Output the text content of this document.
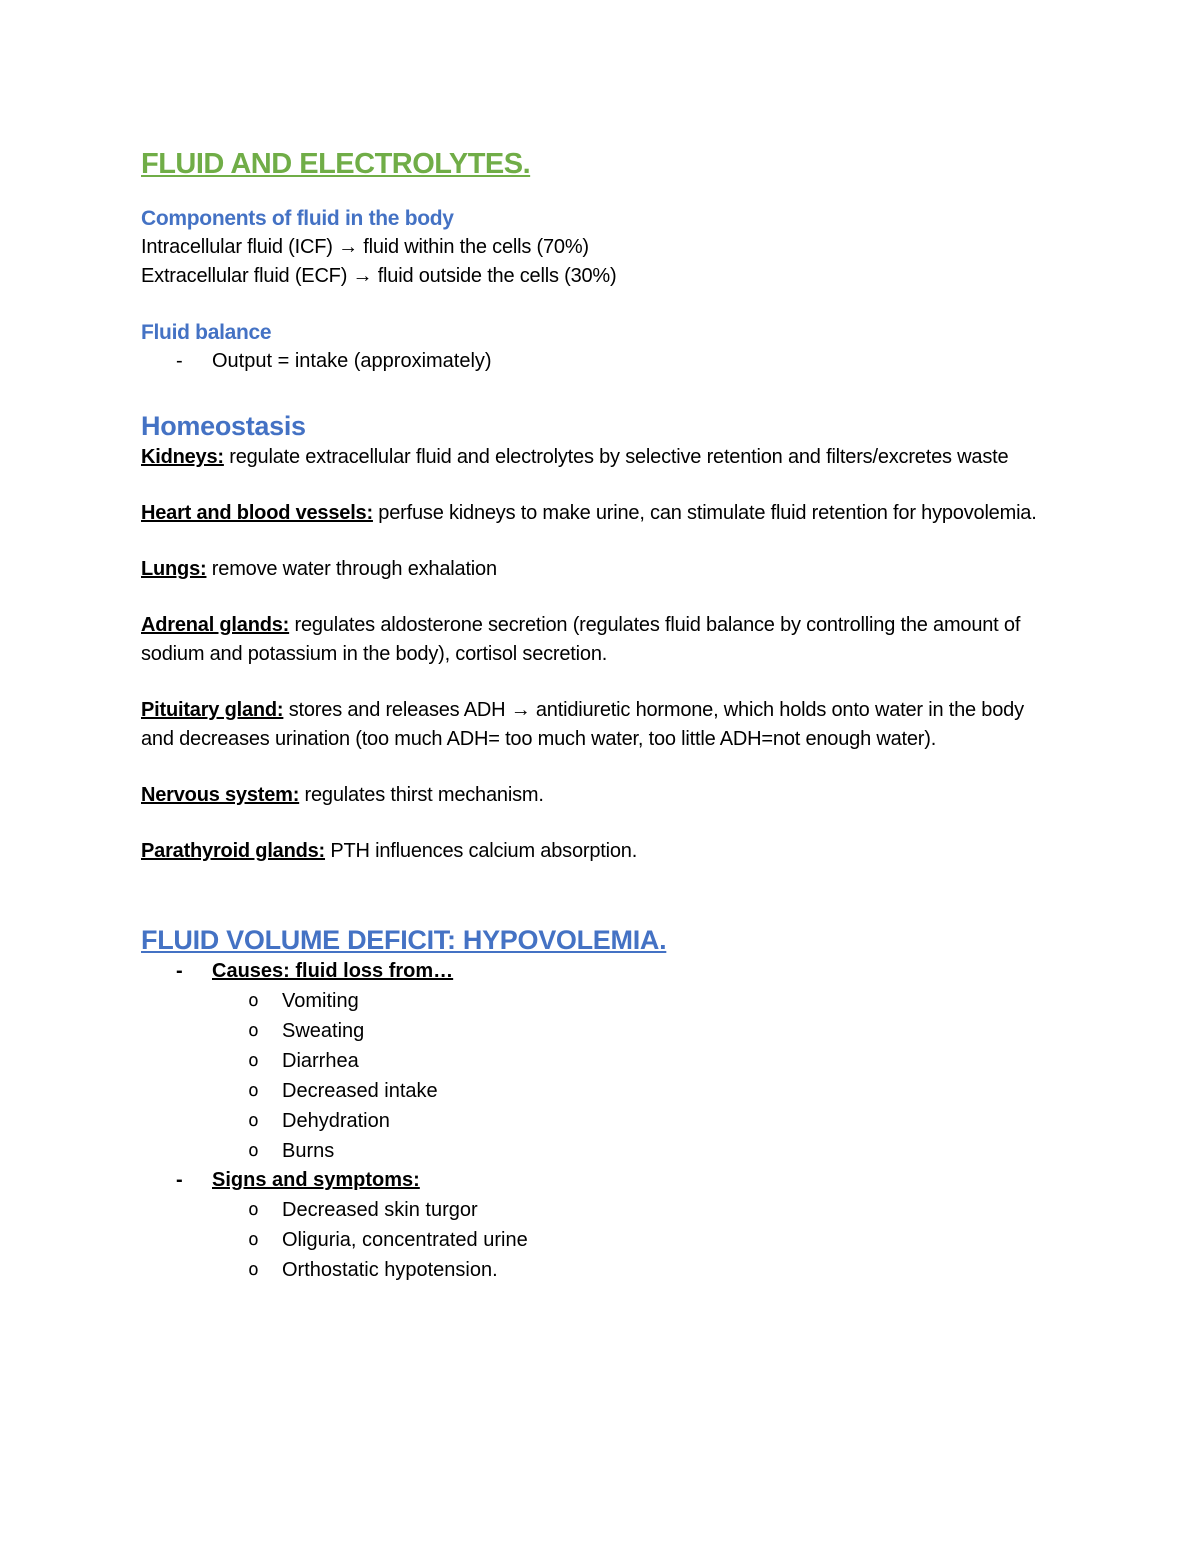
FLUID AND ELECTROLYTES.

Components of fluid in the body

Intracellular fluid (ICF) → fluid within the cells (70%)

Extracellular fluid (ECF) → fluid outside the cells (30%)

Fluid balance

- Output = intake (approximately)

Homeostasis

Kidneys: regulate extracellular fluid and electrolytes by selective retention and filters/excretes waste

Heart and blood vessels: perfuse kidneys to make urine, can stimulate fluid retention for hypovolemia.

Lungs: remove water through exhalation

Adrenal glands: regulates aldosterone secretion (regulates fluid balance by controlling the amount of sodium and potassium in the body), cortisol secretion.

Pituitary gland: stores and releases ADH → antidiuretic hormone, which holds onto water in the body and decreases urination (too much ADH= too much water, too little ADH=not enough water).

Nervous system: regulates thirst mechanism.

Parathyroid glands: PTH influences calcium absorption.

FLUID VOLUME DEFICIT: HYPOVOLEMIA.

- Causes: fluid loss from…
o Vomiting
o Sweating
o Diarrhea
o Decreased intake
o Dehydration
o Burns
- Signs and symptoms:
o Decreased skin turgor
o Oliguria, concentrated urine
o Orthostatic hypotension.
